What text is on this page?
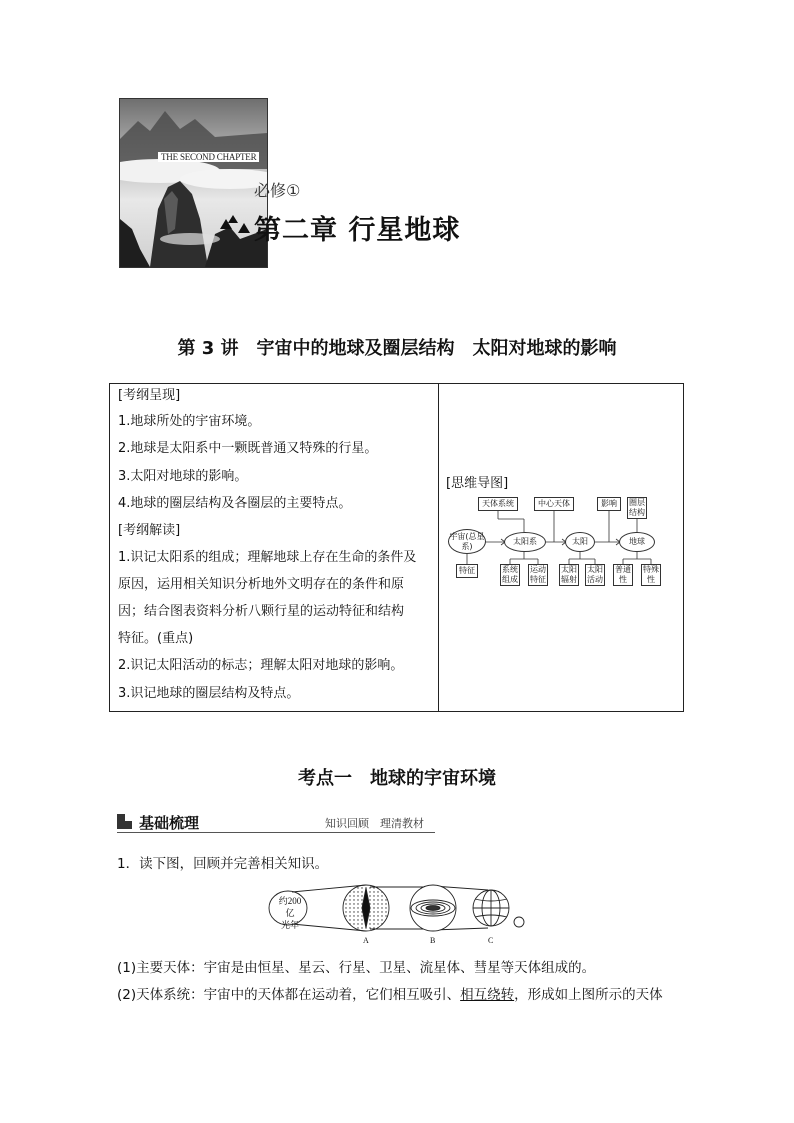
THE SECOND CHAPTER
必修①
第二章 行星地球
第 3 讲　宇宙中的地球及圈层结构　太阳对地球的影响
[考纲呈现]
1.地球所处的宇宙环境。
2.地球是太阳系中一颗既普通又特殊的行星。
3.太阳对地球的影响。
4.地球的圈层结构及各圈层的主要特点。
[考纲解读]
1.识记太阳系的组成；理解地球上存在生命的条件及
原因，运用相关知识分析地外文明存在的条件和原
因；结合图表资料分析八颗行星的运动特征和结构
特征。(重点)
2.识记太阳活动的标志；理解太阳对地球的影响。
3.识记地球的圈层结构及特点。
[思维导图]
天体系统	中心天体	影响	圈层结构
宇宙(总星系)	太阳系	太阳	地球
特征	系统组成
运动特征
太阳辐射
太阳活动
普通性
特殊性
考点一　地球的宇宙环境
基础梳理	知识回顾　理清教材
1．读下图，回顾并完善相关知识。
约200亿
光年
A	B	C
(1)主要天体：宇宙是由恒星、星云、行星、卫星、流星体、彗星等天体组成的。
(2)天体系统：宇宙中的天体都在运动着，它们相互吸引、相互绕转，形成如上图所示的天体
